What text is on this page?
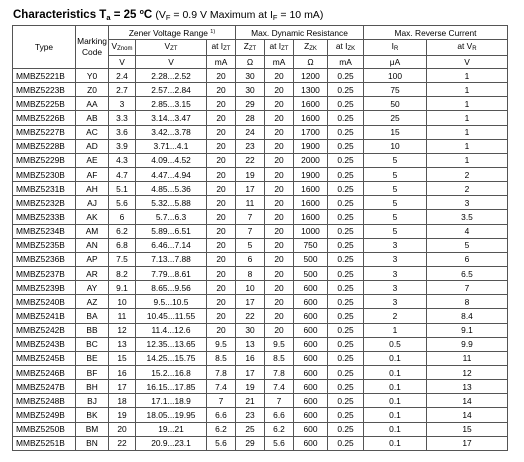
Characteristics $T_a = 25$ $^o$C ($V_F = 0.9$ V Maximum at $I_F = 10$ mA)
Type	Marking Code	Zener Voltage Range $^{1)}$			Max. Dynamic Resistance				Max. Reverse Current	
		VZnom	VZT	at IZT	ZZT	at IZT	ZZK	at IZK	IR	at VR
		V	V	mA	Ω	mA	Ω	mA	μA	V
MMBZ5221B	Y0	2.4	2.28...2.52	20	30	20	1200	0.25	100	1
MMBZ5223B	Z0	2.7	2.57...2.84	20	30	20	1300	0.25	75	1
MMBZ5225B	AA	3	2.85...3.15	20	29	20	1600	0.25	50	1
MMBZ5226B	AB	3.3	3.14...3.47	20	28	20	1600	0.25	25	1
MMBZ5227B	AC	3.6	3.42...3.78	20	24	20	1700	0.25	15	1
MMBZ5228B	AD	3.9	3.71...4.1	20	23	20	1900	0.25	10	1
MMBZ5229B	AE	4.3	4.09...4.52	20	22	20	2000	0.25	5	1
MMBZ5230B	AF	4.7	4.47...4.94	20	19	20	1900	0.25	5	2
MMBZ5231B	AH	5.1	4.85...5.36	20	17	20	1600	0.25	5	2
MMBZ5232B	AJ	5.6	5.32...5.88	20	11	20	1600	0.25	5	3
MMBZ5233B	AK	6	5.7...6.3	20	7	20	1600	0.25	5	3.5
MMBZ5234B	AM	6.2	5.89...6.51	20	7	20	1000	0.25	5	4
MMBZ5235B	AN	6.8	6.46...7.14	20	5	20	750	0.25	3	5
MMBZ5236B	AP	7.5	7.13...7.88	20	6	20	500	0.25	3	6
MMBZ5237B	AR	8.2	7.79...8.61	20	8	20	500	0.25	3	6.5
MMBZ5239B	AY	9.1	8.65...9.56	20	10	20	600	0.25	3	7
MMBZ5240B	AZ	10	9.5...10.5	20	17	20	600	0.25	3	8
MMBZ5241B	BA	11	10.45...11.55	20	22	20	600	0.25	2	8.4
MMBZ5242B	BB	12	11.4...12.6	20	30	20	600	0.25	1	9.1
MMBZ5243B	BC	13	12.35...13.65	9.5	13	9.5	600	0.25	0.5	9.9
MMBZ5245B	BE	15	14.25...15.75	8.5	16	8.5	600	0.25	0.1	11
MMBZ5246B	BF	16	15.2...16.8	7.8	17	7.8	600	0.25	0.1	12
MMBZ5247B	BH	17	16.15...17.85	7.4	19	7.4	600	0.25	0.1	13
MMBZ5248B	BJ	18	17.1...18.9	7	21	7	600	0.25	0.1	14
MMBZ5249B	BK	19	18.05...19.95	6.6	23	6.6	600	0.25	0.1	14
MMBZ5250B	BM	20	19...21	6.2	25	6.2	600	0.25	0.1	15
MMBZ5251B	BN	22	20.9...23.1	5.6	29	5.6	600	0.25	0.1	17
